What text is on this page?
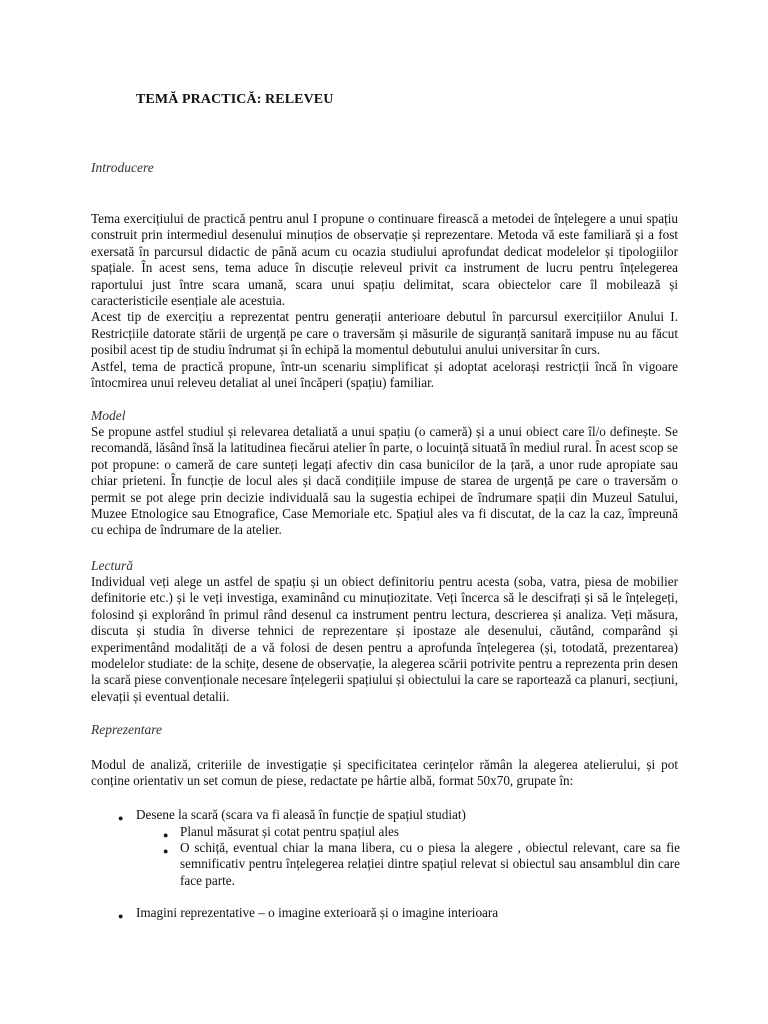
TEMĂ PRACTICĂ: RELEVEU
Introducere

Tema exercițiului de practică pentru anul I propune o continuare firească a metodei de înțelegere a unui spațiu construit prin intermediul desenului minuțios de observație și reprezentare. Metoda vă este familiară și a fost exersată în parcursul didactic de până acum cu ocazia studiului aprofundat dedicat modelelor și tipologiilor spațiale. În acest sens, tema aduce în discuție releveul privit ca instrument de lucru pentru înțelegerea raportului just între scara umană, scara unui spațiu delimitat, scara obiectelor care îl mobilează și caracteristicile esențiale ale acestuia.

Acest tip de exercițiu a reprezentat pentru generații anterioare debutul în parcursul exercițiilor Anului I. Restricțiile datorate stării de urgență pe care o traversăm și măsurile de siguranță sanitară impuse nu au făcut posibil acest tip de studiu îndrumat și în echipă la momentul debutului anului universitar în curs.

Astfel, tema de practică propune, într-un scenariu simplificat și adoptat acelorași restricții încă în vigoare întocmirea unui releveu detaliat al unei încăperi (spațiu) familiar.

Model

Se propune astfel studiul și relevarea detaliată a unui spațiu (o cameră) și a unui obiect care îl/o definește. Se recomandă, lăsând însă la latitudinea fiecărui atelier în parte, o locuință situată în mediul rural. În acest scop se pot propune: o cameră de care sunteți legați afectiv din casa bunicilor de la țară, a unor rude apropiate sau chiar prieteni. În funcție de locul ales și dacă condițiile impuse de starea de urgență pe care o traversăm o permit se pot alege prin decizie individuală sau la sugestia echipei de îndrumare spații din Muzeul Satului, Muzee Etnologice sau Etnografice, Case Memoriale etc. Spațiul ales va fi discutat, de la caz la caz, împreună cu echipa de îndrumare de la atelier.

Lectură

Individual veți alege un astfel de spațiu și un obiect definitoriu pentru acesta (soba, vatra, piesa de mobilier definitorie etc.) și le veți investiga, examinând cu minuțiozitate. Veți încerca să le descifrați și să le înțelegeți, folosind și explorând în primul rând desenul ca instrument pentru lectura, descrierea și analiza. Veți măsura, discuta și studia în diverse tehnici de reprezentare și ipostaze ale desenului, căutând, comparând și experimentând modalități de a vă folosi de desen pentru a aprofunda înțelegerea (și, totodată, prezentarea) modelelor studiate: de la schițe, desene de observație, la alegerea scării potrivite pentru a reprezenta prin desen la scară piese convenționale necesare înțelegerii spațiului și obiectului la care se raportează ca planuri, secțiuni, elevații și eventual detalii.

Reprezentare

Modul de analiză, criteriile de investigație și specificitatea cerințelor rămân la alegerea atelierului, și pot conține orientativ un set comun de piese, redactate pe hârtie albă, format 50x70, grupate în:

● Desene la scară (scara va fi aleasă în funcție de spațiul studiat)
● Planul măsurat și cotat pentru spațiul ales
● O schiță, eventual chiar la mana libera, cu o piesa la alegere , obiectul relevant, care sa fie semnificativ pentru înțelegerea relației dintre spațiul relevat si obiectul sau ansamblul din care face parte.
● Imagini reprezentative – o imagine exterioară și o imagine interioara
